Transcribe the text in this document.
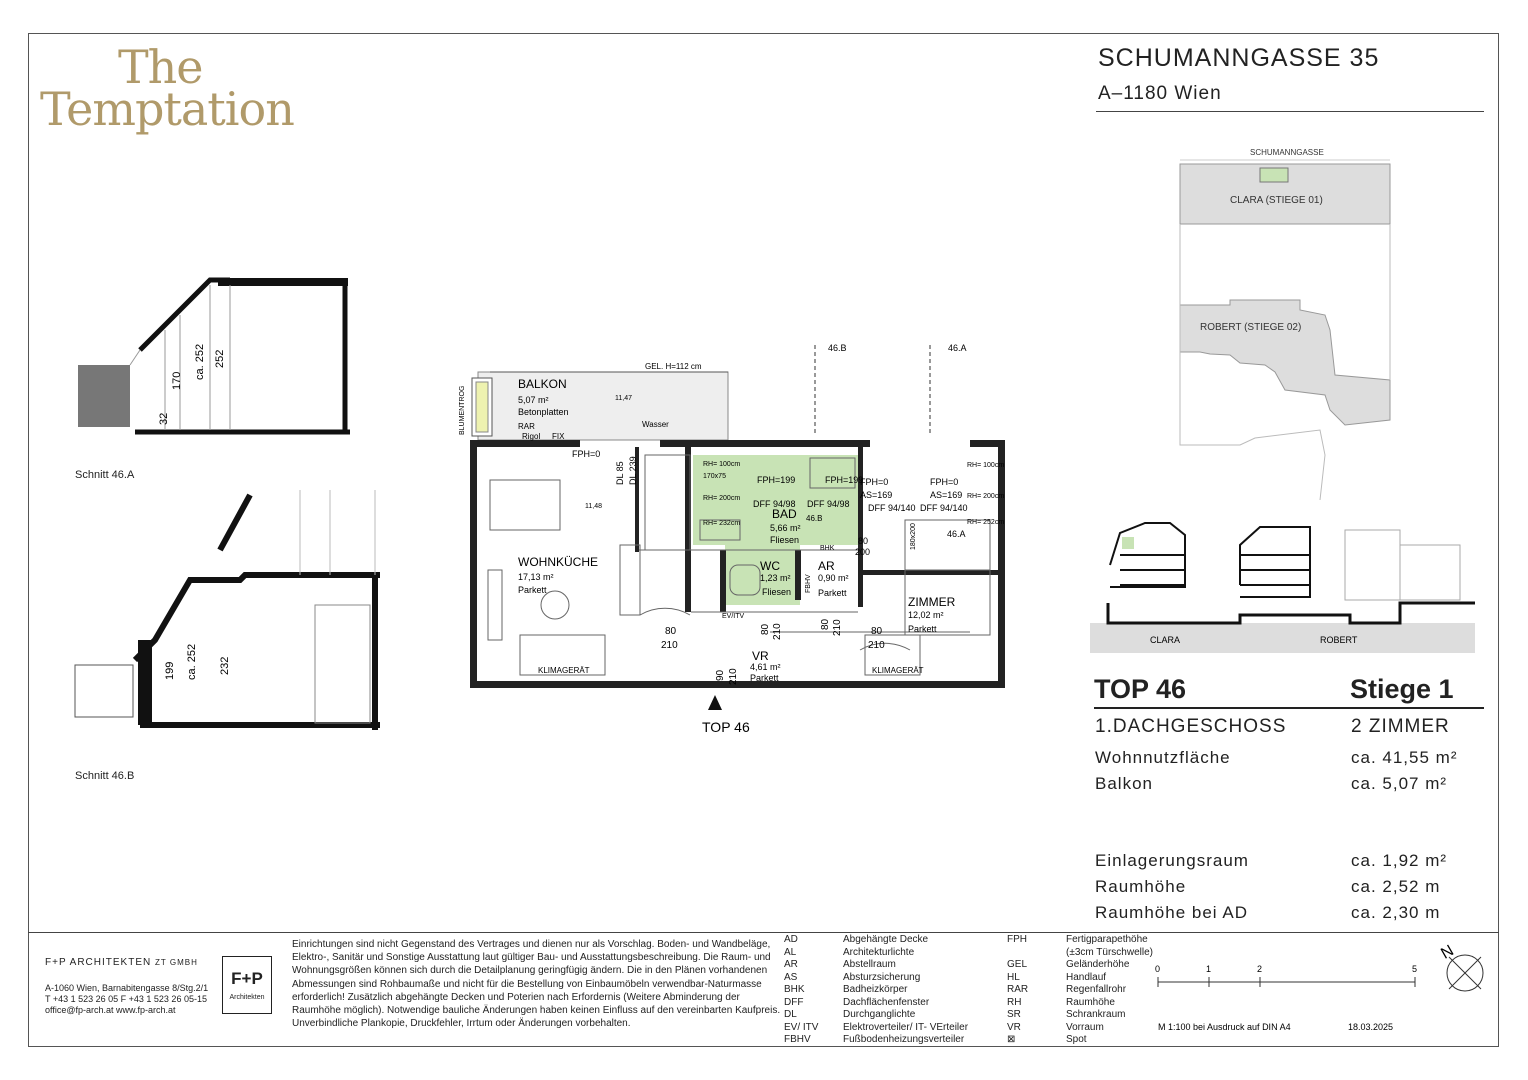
The
Temptation
SCHUMANNGASSE 35
A–1180 Wien
SCHUMANNGASSE
CLARA (STIEGE 01)
ROBERT (STIEGE 02)
CLARA	ROBERT
170
ca. 252 252
32
Schnitt 46.A
199 ca. 252 232
Schnitt 46.B
BALKON
5,07 m²
Betonplatten
GEL. H=112 cm
BLUMENTROG	RAR
Rigol FIX
Wasser
11,47
11,48
FPH=0
DL 85 DL 239
WOHNKÜCHE
17,13 m²
Parkett
KLIMAGERÄT
RH= 100cm
170x75
RH= 200cm
RH= 232cm
FPH=199	FPH=199
DFF 94/98 DFF 94/98
BAD
5,66 m²
Fliesen
BHK
FPH=0	FPH=0
AS=169	AS=169
DFF 94/140 DFF 94/140
RH= 100cm
RH= 200cm
RH= 252cm
80
200
180x200	46.A
46.B	46.A
46.B
WC
1,23 m²
Fliesen
AR
0,90 m²
Parkett
FBHV
EV/ITV
ZIMMER
12,02 m²
Parkett
KLIMAGERÄT
80
210
80 210	80 210	80
210
VR
4,61 m²
Parkett
90 210
TOP 46
TOP 46	Stiege 1
1.DACHGESCHOSS	2 ZIMMER
Wohnnutzfläche	ca. 41,55 m²
Balkon	ca. 5,07 m²
Einlagerungsraum	ca. 1,92 m²
Raumhöhe	ca. 2,52 m
Raumhöhe bei AD	ca. 2,30 m
F+P ARCHITEKTEN ZT GMBH
A-1060 Wien, Barnabitengasse 8/Stg.2/1
T +43 1 523 26 05 F +43 1 523 26 05-15
office@fp-arch.at www.fp-arch.at
F+P
Architekten
Einrichtungen sind nicht Gegenstand des Vertrages und dienen nur als Vorschlag. Boden- und Wandbeläge, Elektro-, Sanitär und Sonstige Ausstattung laut gültiger Bau- und Ausstattungsbeschreibung. Die Raum- und Wohnungsgrößen können sich durch die Detailplanung geringfügig ändern. Die in den Plänen vorhandenen Abmessungen sind Rohbaumaße und nicht für die Bestellung von Einbaumöbeln verwendbar-Naturmasse erforderlich! Zusätzlich abgehängte Decken und Poterien nach Erfordernis (Weitere Abminderung der Raumhöhe möglich). Notwendige bauliche Änderungen haben keinen Einfluss auf den vereinbarten Kaufpreis. Unverbindliche Plankopie, Druckfehler, Irrtum oder Änderungen vorbehalten.
AD	Abgehängte Decke	FPH	Fertigparapethöhe
AL	Architekturlichte		(±3cm Türschwelle)
AR	Abstellraum	GEL	Geländerhöhe
AS	Absturzsicherung	HL	Handlauf
BHK	Badheizkörper	RAR	Regenfallrohr
DFF	Dachflächenfenster	RH	Raumhöhe
DL	Durchganglichte	SR	Schrankraum
EV/ ITV	Elektroverteiler/ IT- VErteiler	VR	Vorraum
FBHV	Fußbodenheizungsverteiler	⊠	Spot
0	1	2	5
M 1:100 bei Ausdruck auf DIN A4	18.03.2025
N
